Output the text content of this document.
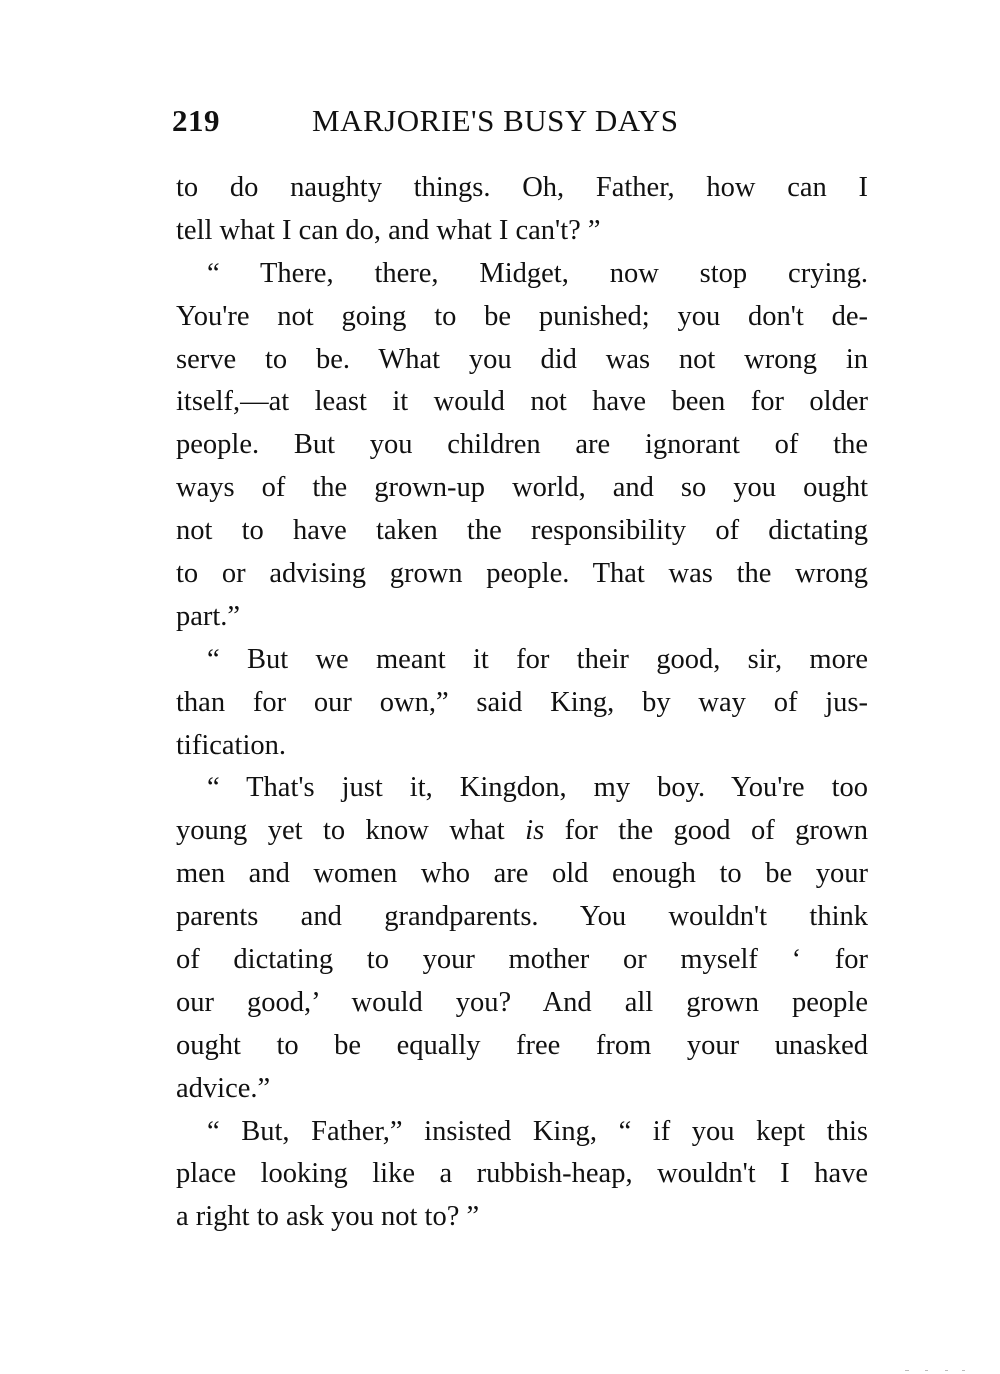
219	MARJORIE'S BUSY DAYS
to do naughty things. Oh, Father, how can I
tell what I can do, and what I can't? ”
“ There, there, Midget, now stop crying.
You're not going to be punished; you don't de-
serve to be. What you did was not wrong in
itself,—at least it would not have been for older
people. But you children are ignorant of the
ways of the grown-up world, and so you ought
not to have taken the responsibility of dictating
to or advising grown people. That was the wrong
part.”
“ But we meant it for their good, sir, more
than for our own,” said King, by way of jus-
tification.
“ That's just it, Kingdon, my boy. You're too
young yet to know what is for the good of grown
men and women who are old enough to be your
parents and grandparents. You wouldn't think
of dictating to your mother or myself ‘ for
our good,’ would you? And all grown people
ought to be equally free from your unasked
advice.”
“ But, Father,” insisted King, “ if you kept this
place looking like a rubbish-heap, wouldn't I have
a right to ask you not to? ”
